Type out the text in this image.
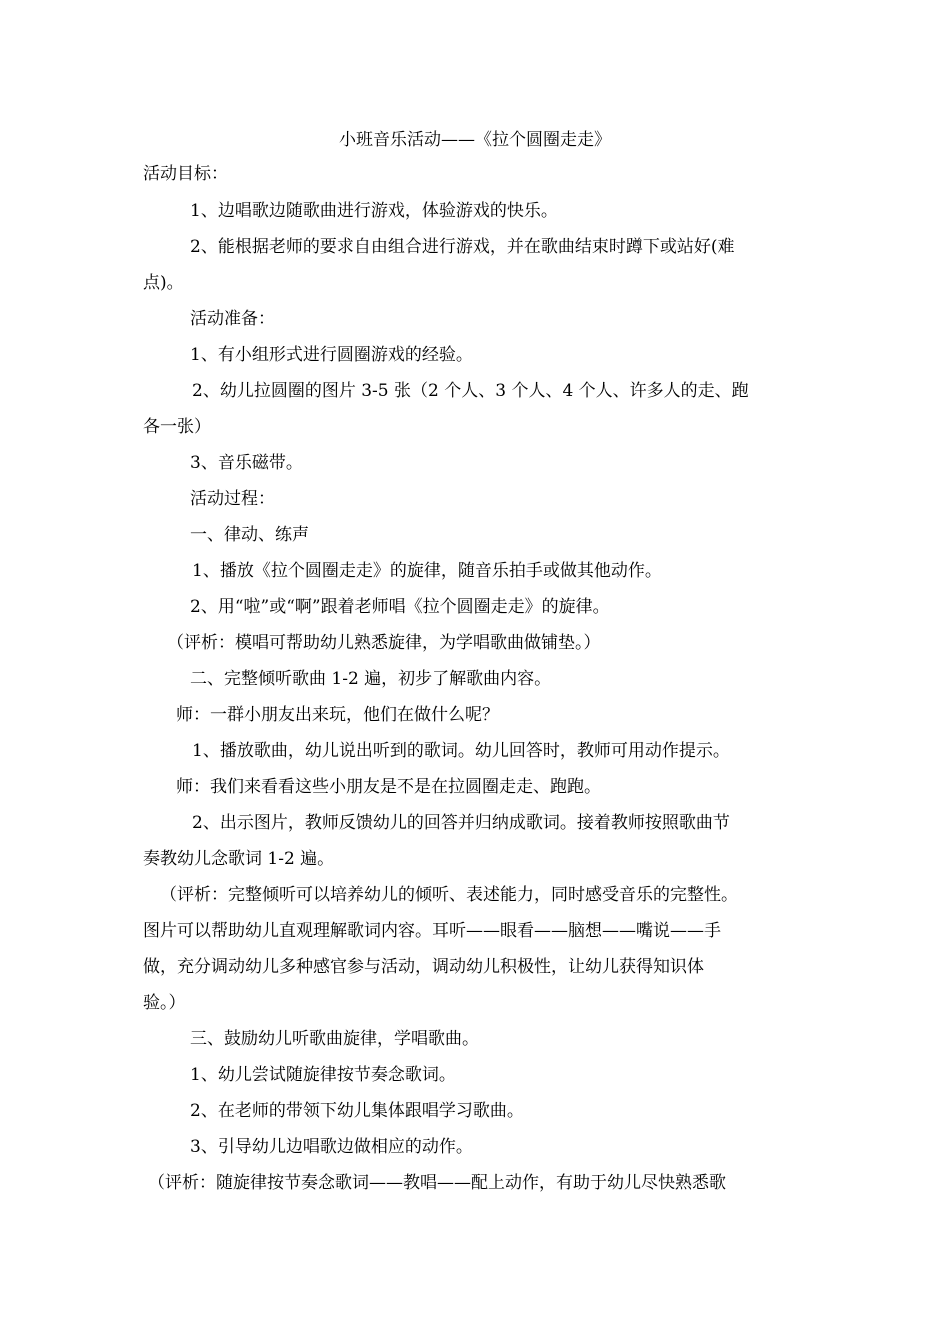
小班音乐活动——《拉个圆圈走走》

活动目标：

1、边唱歌边随歌曲进行游戏，体验游戏的快乐。

2、能根据老师的要求自由组合进行游戏，并在歌曲结束时蹲下或站好(难

点)。

活动准备：

1、有小组形式进行圆圈游戏的经验。

2、幼儿拉圆圈的图片 3-5 张（2 个人、3 个人、4 个人、许多人的走、跑

各一张）

3、音乐磁带。

活动过程：

一、律动、练声

1、播放《拉个圆圈走走》的旋律，随音乐拍手或做其他动作。

2、用“啦”或“啊”跟着老师唱《拉个圆圈走走》的旋律。

（评析：模唱可帮助幼儿熟悉旋律，为学唱歌曲做铺垫。）

二、完整倾听歌曲 1-2 遍，初步了解歌曲内容。

师：一群小朋友出来玩，他们在做什么呢？

1、播放歌曲，幼儿说出听到的歌词。幼儿回答时，教师可用动作提示。

师：我们来看看这些小朋友是不是在拉圆圈走走、跑跑。

2、出示图片，教师反馈幼儿的回答并归纳成歌词。接着教师按照歌曲节

奏教幼儿念歌词 1-2 遍。

（评析：完整倾听可以培养幼儿的倾听、表述能力，同时感受音乐的完整性。

图片可以帮助幼儿直观理解歌词内容。耳听——眼看——脑想——嘴说——手

做，充分调动幼儿多种感官参与活动，调动幼儿积极性，让幼儿获得知识体

验。）

三、鼓励幼儿听歌曲旋律，学唱歌曲。

1、幼儿尝试随旋律按节奏念歌词。

2、在老师的带领下幼儿集体跟唱学习歌曲。

3、引导幼儿边唱歌边做相应的动作。

（评析：随旋律按节奏念歌词——教唱——配上动作，有助于幼儿尽快熟悉歌
